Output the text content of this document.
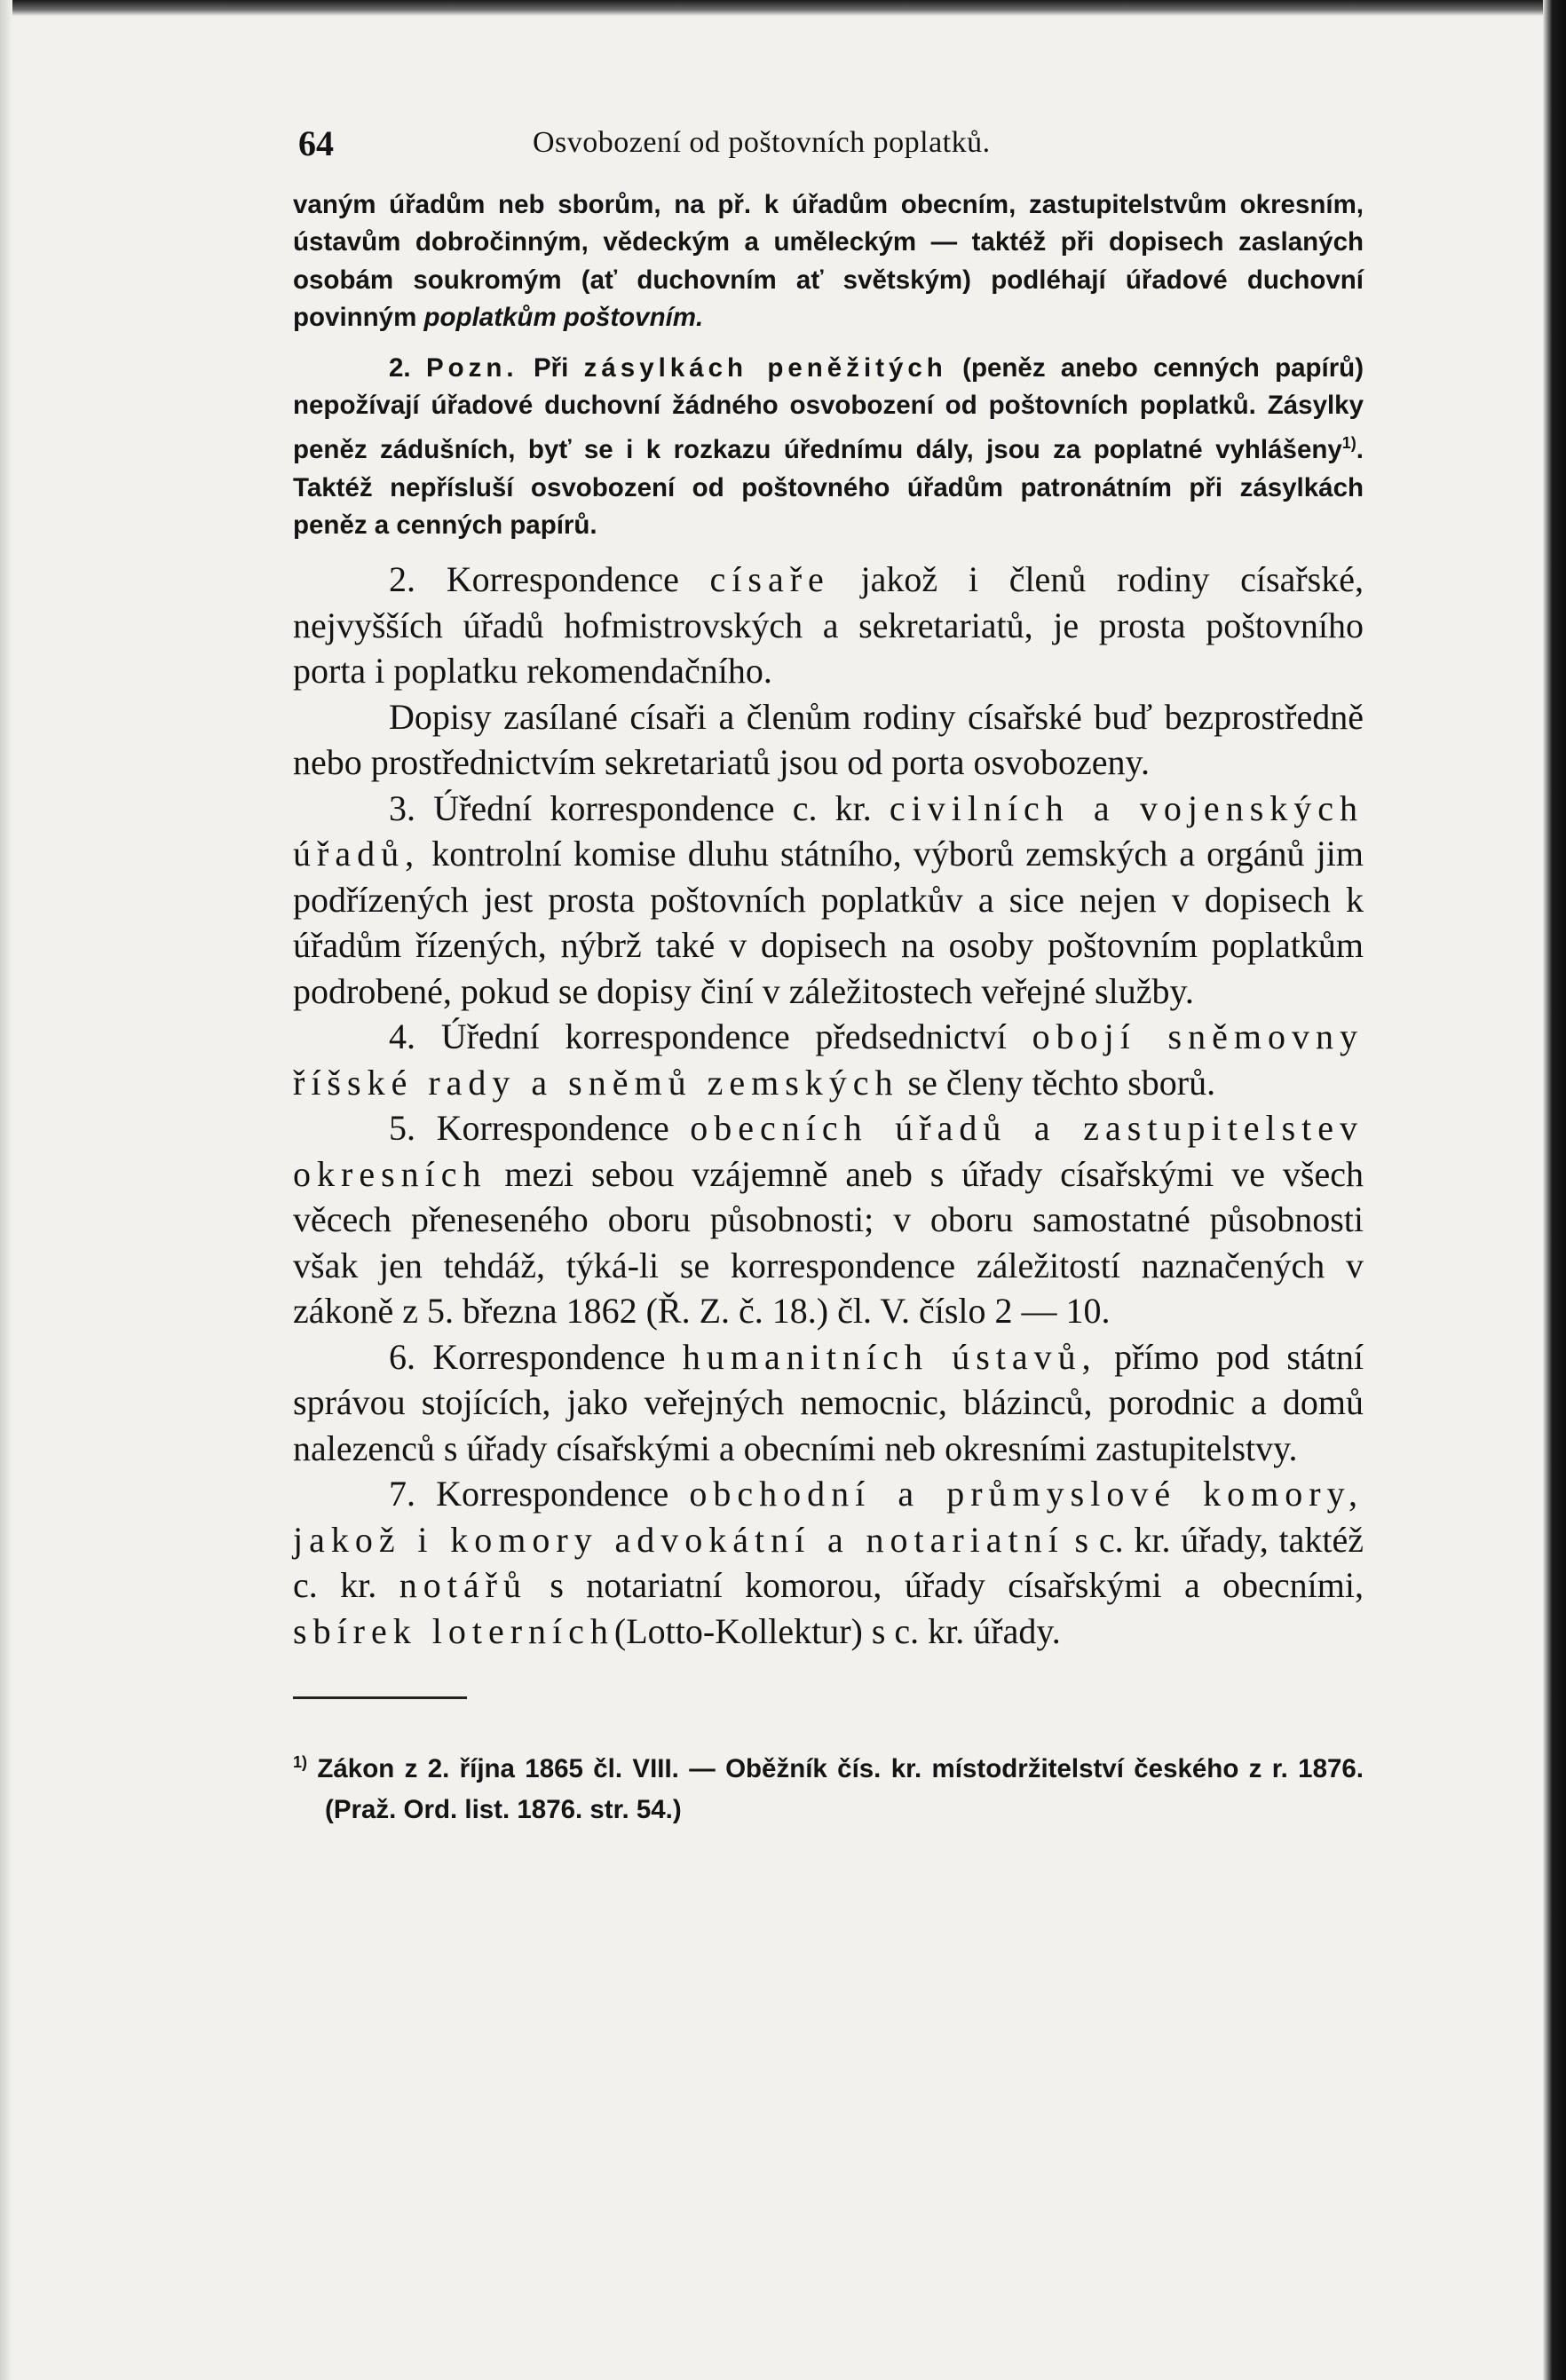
64	Osvobození od poštovních poplatků.

vaným úřadům neb sborům, na př. k úřadům obecním, zastupitelstvům okresním, ústavům dobročinným, vědeckým a uměleckým — taktéž při dopisech zaslaných osobám soukromým (ať duchovním ať světským) podléhají úřadové duchovní povinným poplatkům poštovním.

2. Pozn. Při zásylkách peněžitých (peněz anebo cenných papírů) nepožívají úřadové duchovní žádného osvobození od poštovních poplatků. Zásylky peněz zádušních, byť se i k rozkazu úřednímu dály, jsou za poplatné vyhlášeny$^{1)}$. Taktéž nepřísluší osvobození od poštovného úřadům patronátním při zásylkách peněz a cenných papírů.

2. Korrespondence císaře jakož i členů rodiny císařské, nejvyšších úřadů hofmistrovských a sekretariatů, je prosta poštovního porta i poplatku rekomendačního.

Dopisy zasílané císaři a členům rodiny císařské buď bezprostředně nebo prostřednictvím sekretariatů jsou od porta osvobozeny.

3. Úřední korrespondence c. kr. civilních a vojenských úřadů, kontrolní komise dluhu státního, výborů zemských a orgánů jim podřízených jest prosta poštovních poplatkův a sice nejen v dopisech k úřadům řízených, nýbrž také v dopisech na osoby poštovním poplatkům podrobené, pokud se dopisy činí v záležitostech veřejné služby.

4. Úřední korrespondence předsednictví obojí sněmovny říšské rady a sněmů zemských se členy těchto sborů.

5. Korrespondence obecních úřadů a zastupitelstev okresních mezi sebou vzájemně aneb s úřady císařskými ve všech věcech přeneseného oboru působnosti; v oboru samostatné působnosti však jen tehdáž, týká-li se korrespondence záležitostí naznačených v zákoně z 5. března 1862 (Ř. Z. č. 18.) čl. V. číslo 2 — 10.

6. Korrespondence humanitních ústavů, přímo pod státní správou stojících, jako veřejných nemocnic, blázinců, porodnic a domů nalezenců s úřady císařskými a obecními neb okresními zastupitelstvy.

7. Korrespondence obchodní a průmyslové komory, jakož i komory advokátní a notariatní s c. kr. úřady, taktéž c. kr. notářů s notariatní komorou, úřady císařskými a obecními, sbírek loterních(Lotto-Kollektur) s c. kr. úřady.

$^{1)}$ Zákon z 2. října 1865 čl. VIII. — Oběžník čís. kr. místodržitelství českého z r. 1876. (Praž. Ord. list. 1876. str. 54.)
